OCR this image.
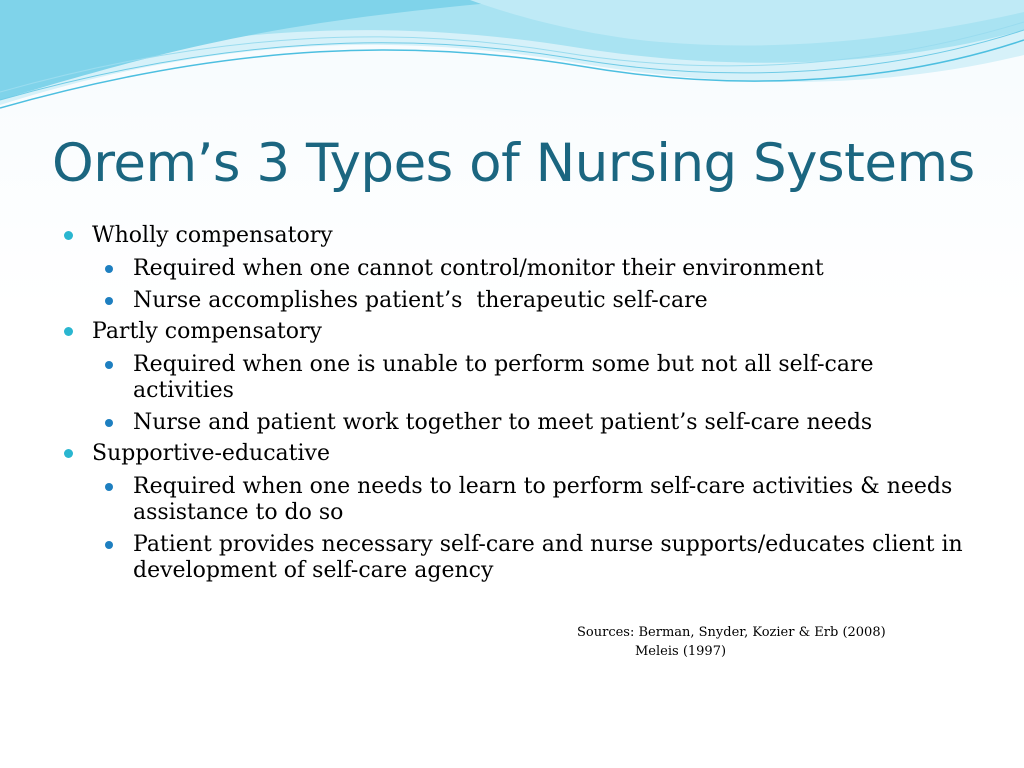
Orem’s 3 Types of Nursing Systems
Wholly compensatory
Required when one cannot control/monitor their environment
Nurse accomplishes patient’s  therapeutic self-care
Partly compensatory
Required when one is unable to perform some but not all self-care activities
Nurse and patient work together to meet patient’s self-care needs
Supportive-educative
Required when one needs to learn to perform self-care activities & needs assistance to do so
Patient provides necessary self-care and nurse supports/educates client in development of self-care agency
Sources: Berman, Snyder, Kozier & Erb (2008)
Meleis (1997)
